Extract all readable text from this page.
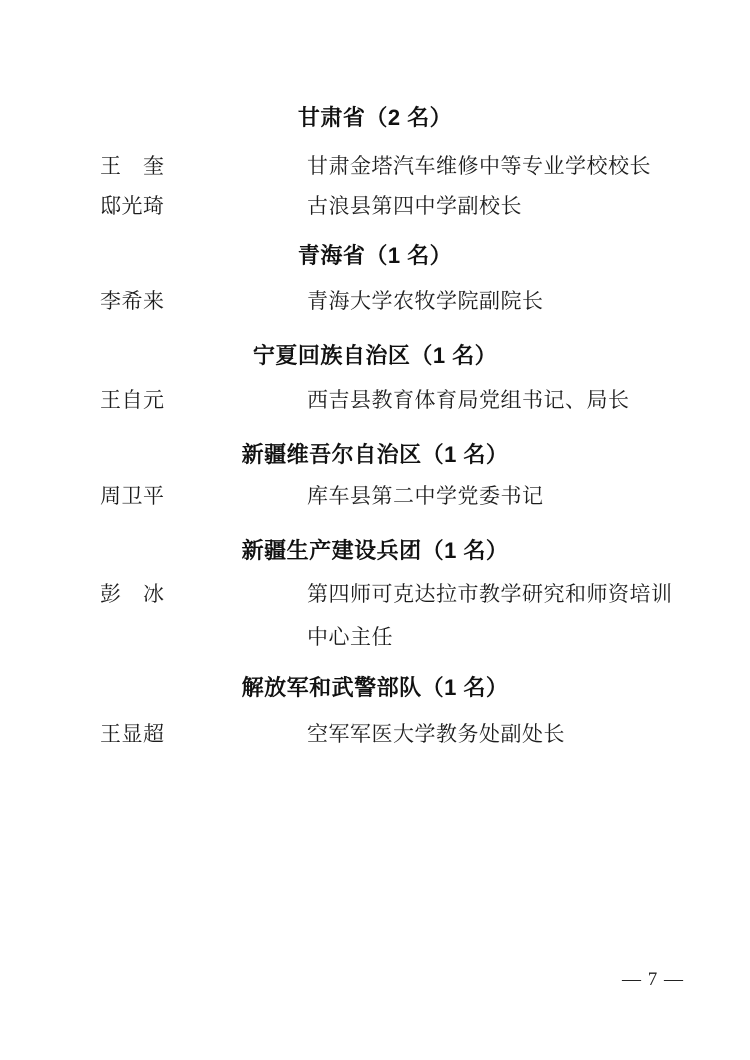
甘肃省（2 名）
王　奎	甘肃金塔汽车维修中等专业学校校长
邸光琦	古浪县第四中学副校长
青海省（1 名）
李希来	青海大学农牧学院副院长
宁夏回族自治区（1 名）
王自元	西吉县教育体育局党组书记、局长
新疆维吾尔自治区（1 名）
周卫平	库车县第二中学党委书记
新疆生产建设兵团（1 名）
彭　冰	第四师可克达拉市教学研究和师资培训中心主任
解放军和武警部队（1 名）
王显超	空军军医大学教务处副处长
— 7 —
